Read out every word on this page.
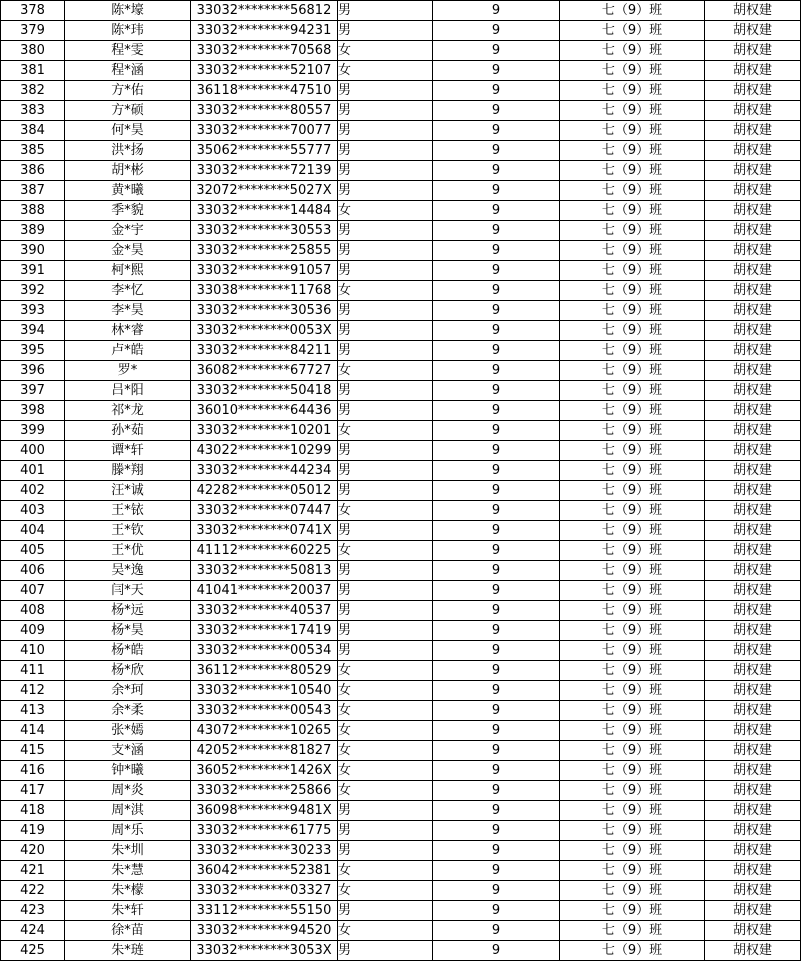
378	陈*壕	33032********56812	男	9	七（9）班	胡权建
379	陈*玮	33032********94231	男	9	七（9）班	胡权建
380	程*雯	33032********70568	女	9	七（9）班	胡权建
381	程*涵	33032********52107	女	9	七（9）班	胡权建
382	方*佑	36118********47510	男	9	七（9）班	胡权建
383	方*硕	33032********80557	男	9	七（9）班	胡权建
384	何*昊	33032********70077	男	9	七（9）班	胡权建
385	洪*扬	35062********55777	男	9	七（9）班	胡权建
386	胡*彬	33032********72139	男	9	七（9）班	胡权建
387	黄*曦	32072********5027X	男	9	七（9）班	胡权建
388	季*貌	33032********14484	女	9	七（9）班	胡权建
389	金*宇	33032********30553	男	9	七（9）班	胡权建
390	金*昊	33032********25855	男	9	七（9）班	胡权建
391	柯*熙	33032********91057	男	9	七（9）班	胡权建
392	李*忆	33038********11768	女	9	七（9）班	胡权建
393	李*昊	33032********30536	男	9	七（9）班	胡权建
394	林*睿	33032********0053X	男	9	七（9）班	胡权建
395	卢*皓	33032********84211	男	9	七（9）班	胡权建
396	罗*	36082********67727	女	9	七（9）班	胡权建
397	吕*阳	33032********50418	男	9	七（9）班	胡权建
398	祁*龙	36010********64436	男	9	七（9）班	胡权建
399	孙*茹	33032********10201	女	9	七（9）班	胡权建
400	谭*轩	43022********10299	男	9	七（9）班	胡权建
401	滕*翔	33032********44234	男	9	七（9）班	胡权建
402	汪*诚	42282********05012	男	9	七（9）班	胡权建
403	王*铱	33032********07447	女	9	七（9）班	胡权建
404	王*钦	33032********0741X	男	9	七（9）班	胡权建
405	王*优	41112********60225	女	9	七（9）班	胡权建
406	吴*逸	33032********50813	男	9	七（9）班	胡权建
407	闫*天	41041********20037	男	9	七（9）班	胡权建
408	杨*远	33032********40537	男	9	七（9）班	胡权建
409	杨*昊	33032********17419	男	9	七（9）班	胡权建
410	杨*皓	33032********00534	男	9	七（9）班	胡权建
411	杨*欣	36112********80529	女	9	七（9）班	胡权建
412	余*珂	33032********10540	女	9	七（9）班	胡权建
413	余*柔	33032********00543	女	9	七（9）班	胡权建
414	张*嫣	43072********10265	女	9	七（9）班	胡权建
415	支*涵	42052********81827	女	9	七（9）班	胡权建
416	钟*曦	36052********1426X	女	9	七（9）班	胡权建
417	周*炎	33032********25866	女	9	七（9）班	胡权建
418	周*淇	36098********9481X	男	9	七（9）班	胡权建
419	周*乐	33032********61775	男	9	七（9）班	胡权建
420	朱*圳	33032********30233	男	9	七（9）班	胡权建
421	朱*慧	36042********52381	女	9	七（9）班	胡权建
422	朱*檬	33032********03327	女	9	七（9）班	胡权建
423	朱*轩	33112********55150	男	9	七（9）班	胡权建
424	徐*苗	33032********94520	女	9	七（9）班	胡权建
425	朱*琏	33032********3053X	男	9	七（9）班	胡权建
